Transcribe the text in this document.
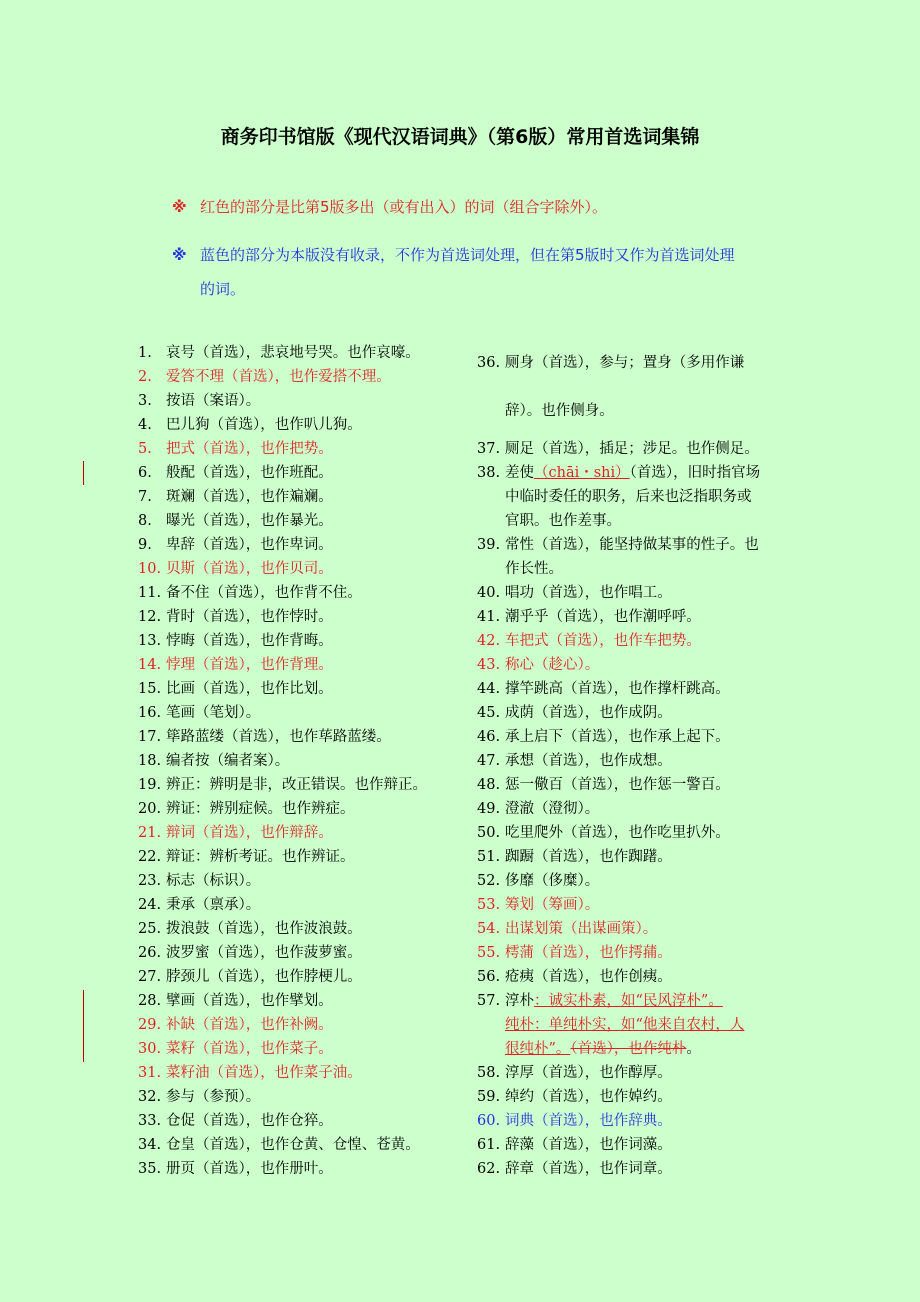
商务印书馆版《现代汉语词典》（第6版）常用首选词集锦
※ 红色的部分是比第5版多出（或有出入）的词（组合字除外）。
※ 蓝色的部分为本版没有收录，不作为首选词处理，但在第5版时又作为首选词处理
的词。
1. 哀号（首选），悲哀地号哭。也作哀嚎。
2. 爱答不理（首选），也作爱搭不理。
3. 按语（案语）。
4. 巴儿狗（首选），也作叭儿狗。
5. 把式（首选），也作把势。
6. 般配（首选），也作班配。
7. 斑斓（首选），也作斒斓。
8. 曝光（首选），也作暴光。
9. 卑辞（首选），也作卑词。
10. 贝斯（首选），也作贝司。
11. 备不住（首选），也作背不住。
12. 背时（首选），也作悖时。
13. 悖晦（首选），也作背晦。
14. 悖理（首选），也作背理。
15. 比画（首选），也作比划。
16. 笔画（笔划）。
17. 筚路蓝缕（首选），也作荜路蓝缕。
18. 编者按（编者案）。
19. 辨正：辨明是非，改正错误。也作辩正。
20. 辨证：辨别症候。也作辨症。
21. 辩词（首选），也作辩辞。
22. 辩证：辨析考证。也作辨证。
23. 标志（标识）。
24. 秉承（禀承）。
25. 拨浪鼓（首选），也作波浪鼓。
26. 波罗蜜（首选），也作菠萝蜜。
27. 脖颈儿（首选），也作脖梗儿。
28. 擘画（首选），也作擘划。
29. 补缺（首选），也作补阙。
30. 菜籽（首选），也作菜子。
31. 菜籽油（首选），也作菜子油。
32. 参与（参预）。
33. 仓促（首选），也作仓猝。
34. 仓皇（首选），也作仓黄、仓惶、苍黄。
35. 册页（首选），也作册叶。
36. 厕身（首选），参与；置身（多用作谦
辞）。也作侧身。
37. 厕足（首选），插足；涉足。也作侧足。
38. 差使（chāi・shi）（首选），旧时指官场
中临时委任的职务，后来也泛指职务或
官职。也作差事。
39. 常性（首选），能坚持做某事的性子。也
作长性。
40. 唱功（首选），也作唱工。
41. 潮乎乎（首选），也作潮呼呼。
42. 车把式（首选），也作车把势。
43. 称心（趁心）。
44. 撑竿跳高（首选），也作撑杆跳高。
45. 成荫（首选），也作成阴。
46. 承上启下（首选），也作承上起下。
47. 承想（首选），也作成想。
48. 惩一儆百（首选），也作惩一警百。
49. 澄澈（澄彻）。
50. 吃里爬外（首选），也作吃里扒外。
51. 踟蹰（首选），也作踟躇。
52. 侈靡（侈糜）。
53. 筹划（筹画）。
54. 出谋划策（出谋画策）。
55. 樗蒲（首选），也作摴蒱。
56. 疮痍（首选），也作创痍。
57. 淳朴：诚实朴素，如“民风淳朴”。
纯朴：单纯朴实，如“他来自农村，人
很纯朴”。（首选），也作纯朴。
58. 淳厚（首选），也作醇厚。
59. 绰约（首选），也作婥约。
60. 词典（首选），也作辞典。
61. 辞藻（首选），也作词藻。
62. 辞章（首选），也作词章。
